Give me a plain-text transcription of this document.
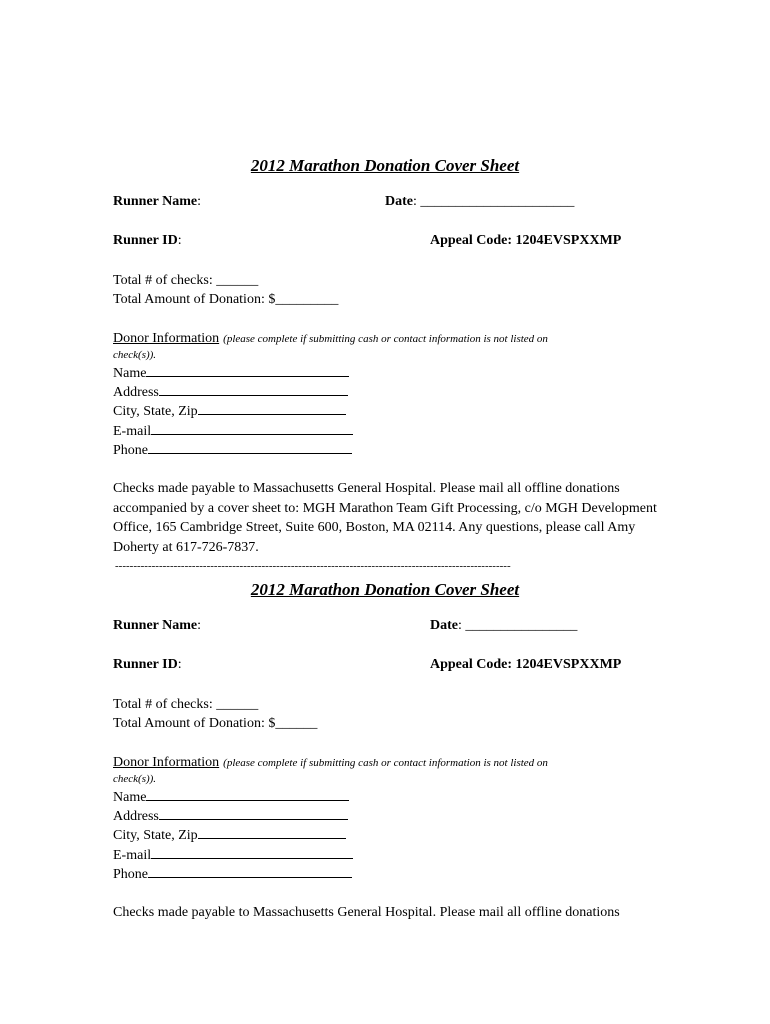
2012 Marathon Donation Cover Sheet
Runner Name:	Date: ______________________
Runner ID:	Appeal Code: 1204EVSPXXMP
Total # of checks: ______
Total Amount of Donation: $_________
Donor Information (please complete if submitting cash or contact information is not listed on
check(s)).
Name
Address
City, State, Zip
E-mail
Phone
Checks made payable to Massachusetts General Hospital. Please mail all offline donations accompanied by a cover sheet to: MGH Marathon Team Gift Processing, c/o MGH Development Office, 165 Cambridge Street, Suite 600, Boston, MA 02114. Any questions, please call Amy Doherty at 617-726-7837.
------------------------------------------------------------------------------------------------------------
2012 Marathon Donation Cover Sheet
Runner Name:	Date: ________________
Runner ID:	Appeal Code: 1204EVSPXXMP
Total # of checks: ______
Total Amount of Donation: $______
Donor Information (please complete if submitting cash or contact information is not listed on
check(s)).
Name
Address
City, State, Zip
E-mail
Phone
Checks made payable to Massachusetts General Hospital. Please mail all offline donations
